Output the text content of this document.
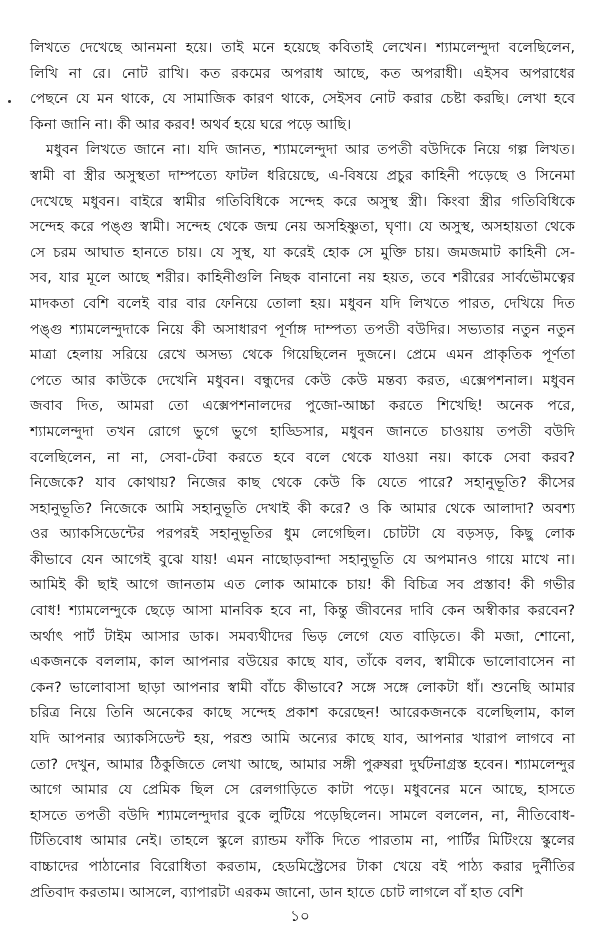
লিখতে দেখেছে আনমনা হয়ে। তাই মনে হয়েছে কবিতাই লেখেন। শ্যামলেন্দুদা বলেছিলেন,
লিখি না রে। নোট রাখি। কত রকমের অপরাধ আছে, কত অপরাধী। এইসব অপরাধের
পেছনে যে মন থাকে, যে সামাজিক কারণ থাকে, সেইসব নোট করার চেষ্টা করছি। লেখা হবে
কিনা জানি না। কী আর করব! অথর্ব হয়ে ঘরে পড়ে আছি।
মধুবন লিখতে জানে না। যদি জানত, শ্যামলেন্দুদা আর তপতী বউদিকে নিয়ে গল্প লিখত।
স্বামী বা স্ত্রীর অসুস্থতা দাম্পত্যে ফাটল ধরিয়েছে, এ-বিষয়ে প্রচুর কাহিনী পড়েছে ও সিনেমা
দেখেছে মধুবন। বাইরে স্বামীর গতিবিধিকে সন্দেহ করে অসুস্থ স্ত্রী। কিংবা স্ত্রীর গতিবিধিকে
সন্দেহ করে পঙ্গু স্বামী। সন্দেহ থেকে জন্ম নেয় অসহিষ্ণুতা, ঘৃণা। যে অসুস্থ, অসহায়তা থেকে
সে চরম আঘাত হানতে চায়। যে সুস্থ, যা করেই হোক সে মুক্তি চায়। জমজমাট কাহিনী সে-
সব, যার মূলে আছে শরীর। কাহিনীগুলি নিছক বানানো নয় হয়ত, তবে শরীরের সার্বভৌমত্বের
মাদকতা বেশি বলেই বার বার ফেনিয়ে তোলা হয়। মধুবন যদি লিখতে পারত, দেখিয়ে দিত
পঙ্গু শ্যামলেন্দুদাকে নিয়ে কী অসাধারণ পূর্ণাঙ্গ দাম্পত্য তপতী বউদির। সভ্যতার নতুন নতুন
মাত্রা হেলায় সরিয়ে রেখে অসভ্য থেকে গিয়েছিলেন দুজনে। প্রেমে এমন প্রাকৃতিক পূর্ণতা
পেতে আর কাউকে দেখেনি মধুবন। বন্ধুদের কেউ কেউ মন্তব্য করত, এক্সেপশনাল। মধুবন
জবাব দিত, আমরা তো এক্সেপশনালদের পুজো-আচ্চা করতে শিখেছি! অনেক পরে,
শ্যামলেন্দুদা তখন রোগে ভুগে ভুগে হাড্ডিসার, মধুবন জানতে চাওয়ায় তপতী বউদি
বলেছিলেন, না না, সেবা-টেবা করতে হবে বলে থেকে যাওয়া নয়। কাকে সেবা করব?
নিজেকে? যাব কোথায়? নিজের কাছ থেকে কেউ কি যেতে পারে? সহানুভূতি? কীসের
সহানুভূতি? নিজেকে আমি সহানুভূতি দেখাই কী করে? ও কি আমার থেকে আলাদা? অবশ্য
ওর অ্যাকসিডেন্টের পরপরই সহানুভূতির ধুম লেগেছিল। চোটটা যে বড়সড়, কিছু লোক
কীভাবে যেন আগেই বুঝে যায়! এমন নাছোড়বান্দা সহানুভূতি যে অপমানও গায়ে মাখে না।
আমিই কী ছাই আগে জানতাম এত লোক আমাকে চায়! কী বিচিত্র সব প্রস্তাব! কী গভীর
বোধ! শ্যামলেন্দুকে ছেড়ে আসা মানবিক হবে না, কিন্তু জীবনের দাবি কেন অস্বীকার করবেন?
অর্থাৎ পার্ট টাইম আসার ডাক। সমব্যথীদের ভিড় লেগে যেত বাড়িতে। কী মজা, শোনো,
একজনকে বললাম, কাল আপনার বউয়ের কাছে যাব, তাঁকে বলব, স্বামীকে ভালোবাসেন না
কেন? ভালোবাসা ছাড়া আপনার স্বামী বাঁচে কীভাবে? সঙ্গে সঙ্গে লোকটা ধাঁ। শুনেছি আমার
চরিত্র নিয়ে তিনি অনেকের কাছে সন্দেহ প্রকাশ করেছেন! আরেকজনকে বলেছিলাম, কাল
যদি আপনার অ্যাকসিডেন্ট হয়, পরশু আমি অন্যের কাছে যাব, আপনার খারাপ লাগবে না
তো? দেখুন, আমার ঠিকুজিতে লেখা আছে, আমার সঙ্গী পুরুষরা দুর্ঘটনাগ্রস্ত হবেন। শ্যামলেন্দুর
আগে আমার যে প্রেমিক ছিল সে রেলগাড়িতে কাটা পড়ে। মধুবনের মনে আছে, হাসতে
হাসতে তপতী বউদি শ্যামলেন্দুদার বুকে লুটিয়ে পড়েছিলেন। সামলে বললেন, না, নীতিবোধ-
টিতিবোধ আমার নেই। তাহলে স্কুলে র‍্যান্ডম ফাঁকি দিতে পারতাম না, পার্টির মিটিংয়ে স্কুলের
বাচ্চাদের পাঠানোর বিরোধিতা করতাম, হেডমিস্ট্রেসের টাকা খেয়ে বই পাঠ্য করার দুর্নীতির
প্রতিবাদ করতাম। আসলে, ব্যাপারটা এরকম জানো, ডান হাতে চোট লাগলে বাঁ হাত বেশি
১০
